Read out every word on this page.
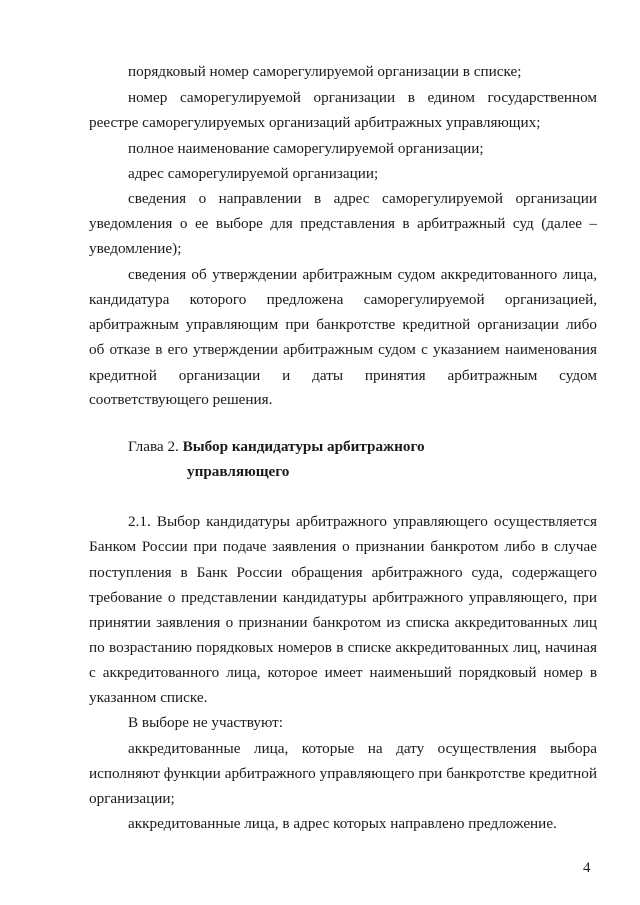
порядковый номер саморегулируемой организации в списке;

номер саморегулируемой организации в едином государственном

реестре саморегулируемых организаций арбитражных управляющих;

полное наименование саморегулируемой организации;

адрес саморегулируемой организации;

сведения о направлении в адрес саморегулируемой организации

уведомления о ее выборе для представления в арбитражный суд (далее –

уведомление);

сведения об утверждении арбитражным судом аккредитованного лица,

кандидатура которого предложена саморегулируемой организацией,

арбитражным управляющим при банкротстве кредитной организации либо

об отказе в его утверждении арбитражным судом с указанием наименования

кредитной организации и даты принятия арбитражным судом

соответствующего решения.

Глава 2. Выбор кандидатуры арбитражного

управляющего

2.1. Выбор кандидатуры арбитражного управляющего осуществляется

Банком России при подаче заявления о признании банкротом либо в случае

поступления в Банк России обращения арбитражного суда, содержащего

требование о представлении кандидатуры арбитражного управляющего, при

принятии заявления о признании банкротом из списка аккредитованных лиц

по возрастанию порядковых номеров в списке аккредитованных лиц, начиная

с аккредитованного лица, которое имеет наименьший порядковый номер в

указанном списке.

В выборе не участвуют:

аккредитованные лица, которые на дату осуществления выбора

исполняют функции арбитражного управляющего при банкротстве кредитной

организации;

аккредитованные лица, в адрес которых направлено предложение.

4
